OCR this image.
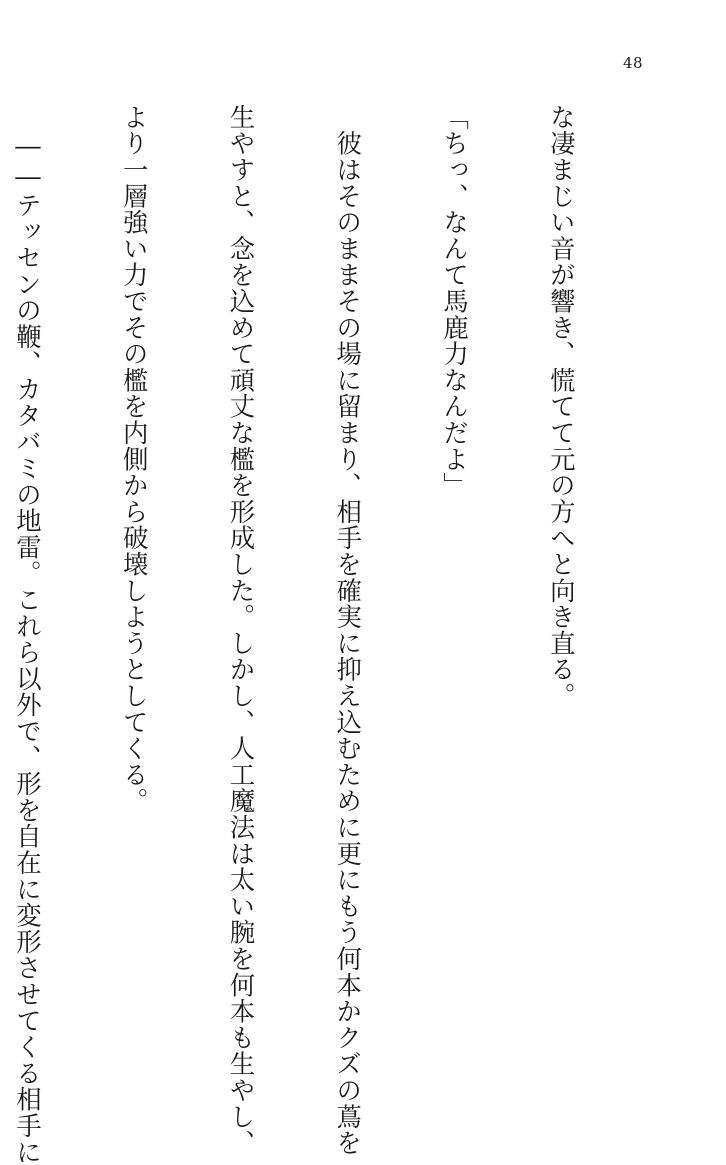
48

な凄まじい音が響き、慌てて元の方へと向き直る。

「ちっ、なんて馬鹿力なんだよ」

　彼はそのままその場に留まり、相手を確実に抑え込むために更にもう何本かクズの蔦を

生やすと、念を込めて頑丈な檻を形成した。しかし、人工魔法は太い腕を何本も生やし、

より一層強い力でその檻を内側から破壊しようとしてくる。

　――テッセンの鞭、カタバミの地雷。これら以外で、形を自在に変形させてくる相手に
